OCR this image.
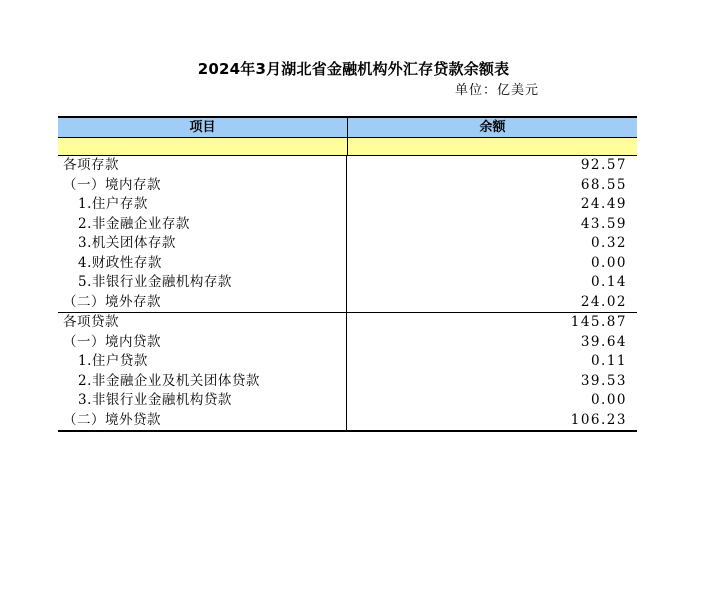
2024年3月湖北省金融机构外汇存贷款余额表
单位：亿美元
项目	余额
各项存款	92.57
（一）境内存款	68.55
1.住户存款	24.49
2.非金融企业存款	43.59
3.机关团体存款	0.32
4.财政性存款	0.00
5.非银行业金融机构存款	0.14
（二）境外存款	24.02
各项贷款	145.87
（一）境内贷款	39.64
1.住户贷款	0.11
2.非金融企业及机关团体贷款	39.53
3.非银行业金融机构贷款	0.00
（二）境外贷款	106.23
